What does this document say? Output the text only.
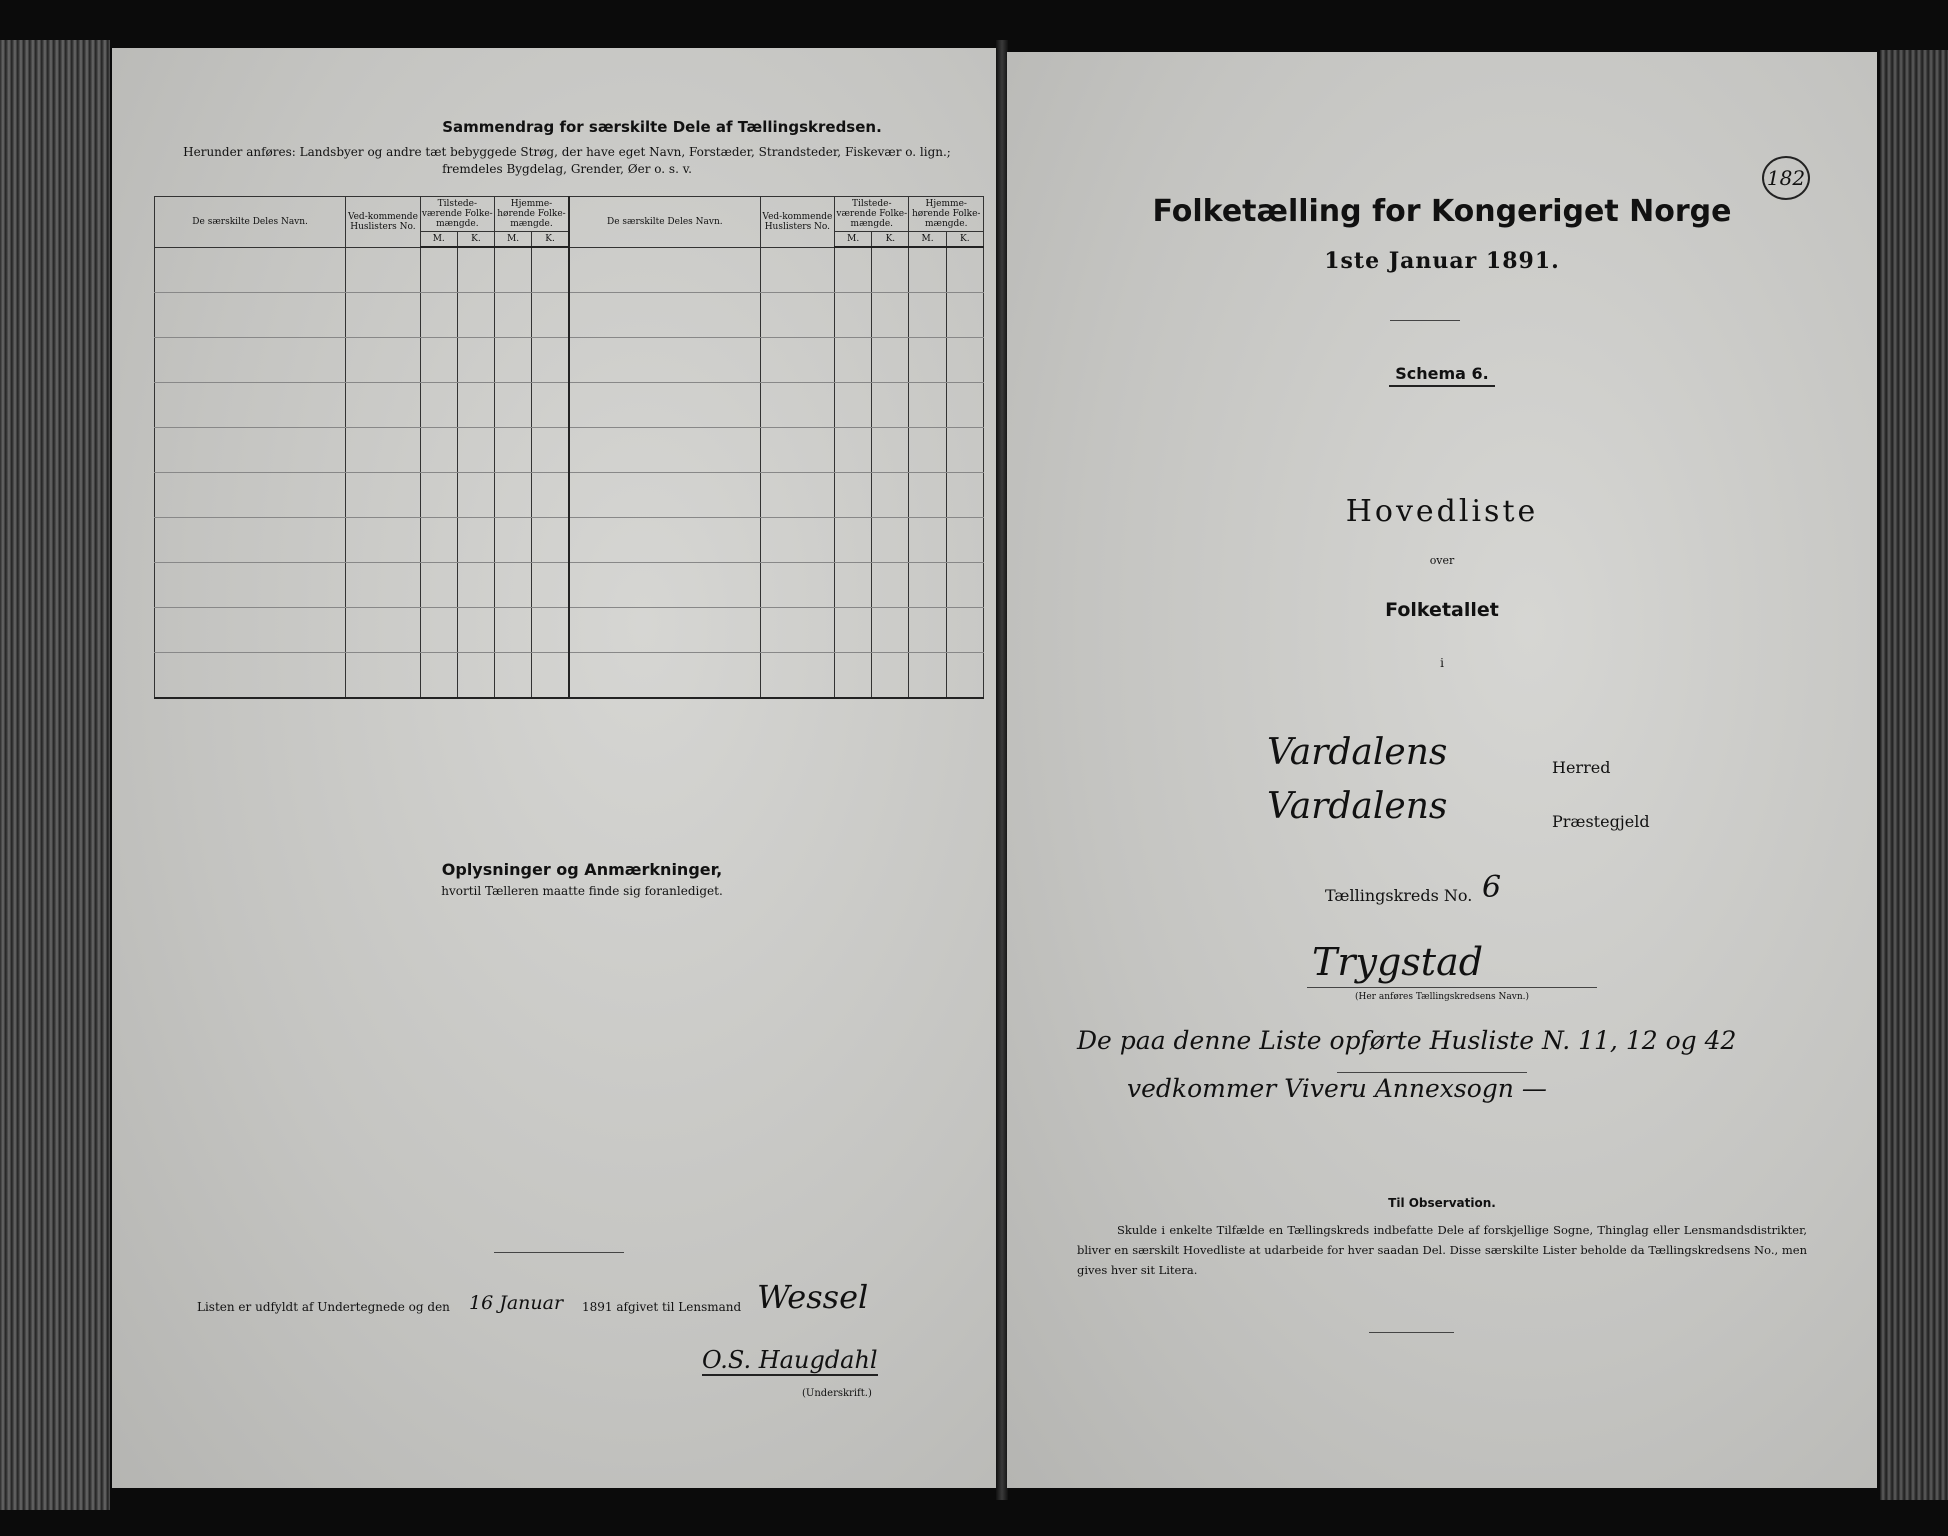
Sammendrag for særskilte Dele af Tællingskredsen.
Herunder anføres: Landsbyer og andre tæt bebyggede Strøg, der have eget Navn, Forstæder, Strandsteder, Fiskevær o. lign.; fremdeles Bygdelag, Grender, Øer o. s. v.
De særskilte Deles Navn.	Ved-kommende Huslisters No.	Tilstede-værende Folke-mængde.		Hjemme-hørende Folke-mængde.		De særskilte Deles Navn.	Ved-kommende Huslisters No.	Tilstede-værende Folke-mængde.		Hjemme-hørende Folke-mængde.	
		M.	K.	M.	K.			M.	K.	M.	K.

Oplysninger og Anmærkninger,
hvortil Tælleren maatte finde sig foranlediget.
Listen er udfyldt af Undertegnede og den 16 Januar 1891 afgivet til Lensmand Wessel
O.S. Haugdahl
(Underskrift.)
182
Folketælling for Kongeriget Norge
1ste Januar 1891.
Schema 6.
Hovedliste
over
Folketallet
i
Vardalens	Herred
Vardalens	Præstegjeld
Tællingskreds No. 6
Trygstad
(Her anføres Tællingskredsens Navn.)
De paa denne Liste opførte Husliste N. 11, 12 og 42
vedkommer Viveru Annexsogn —
Til Observation.
Skulde i enkelte Tilfælde en Tællingskreds indbefatte Dele af forskjellige Sogne, Thinglag eller Lensmandsdistrikter, bliver en særskilt Hovedliste at udarbeide for hver saadan Del. Disse særskilte Lister beholde da Tællingskredsens No., men gives hver sit Litera.
